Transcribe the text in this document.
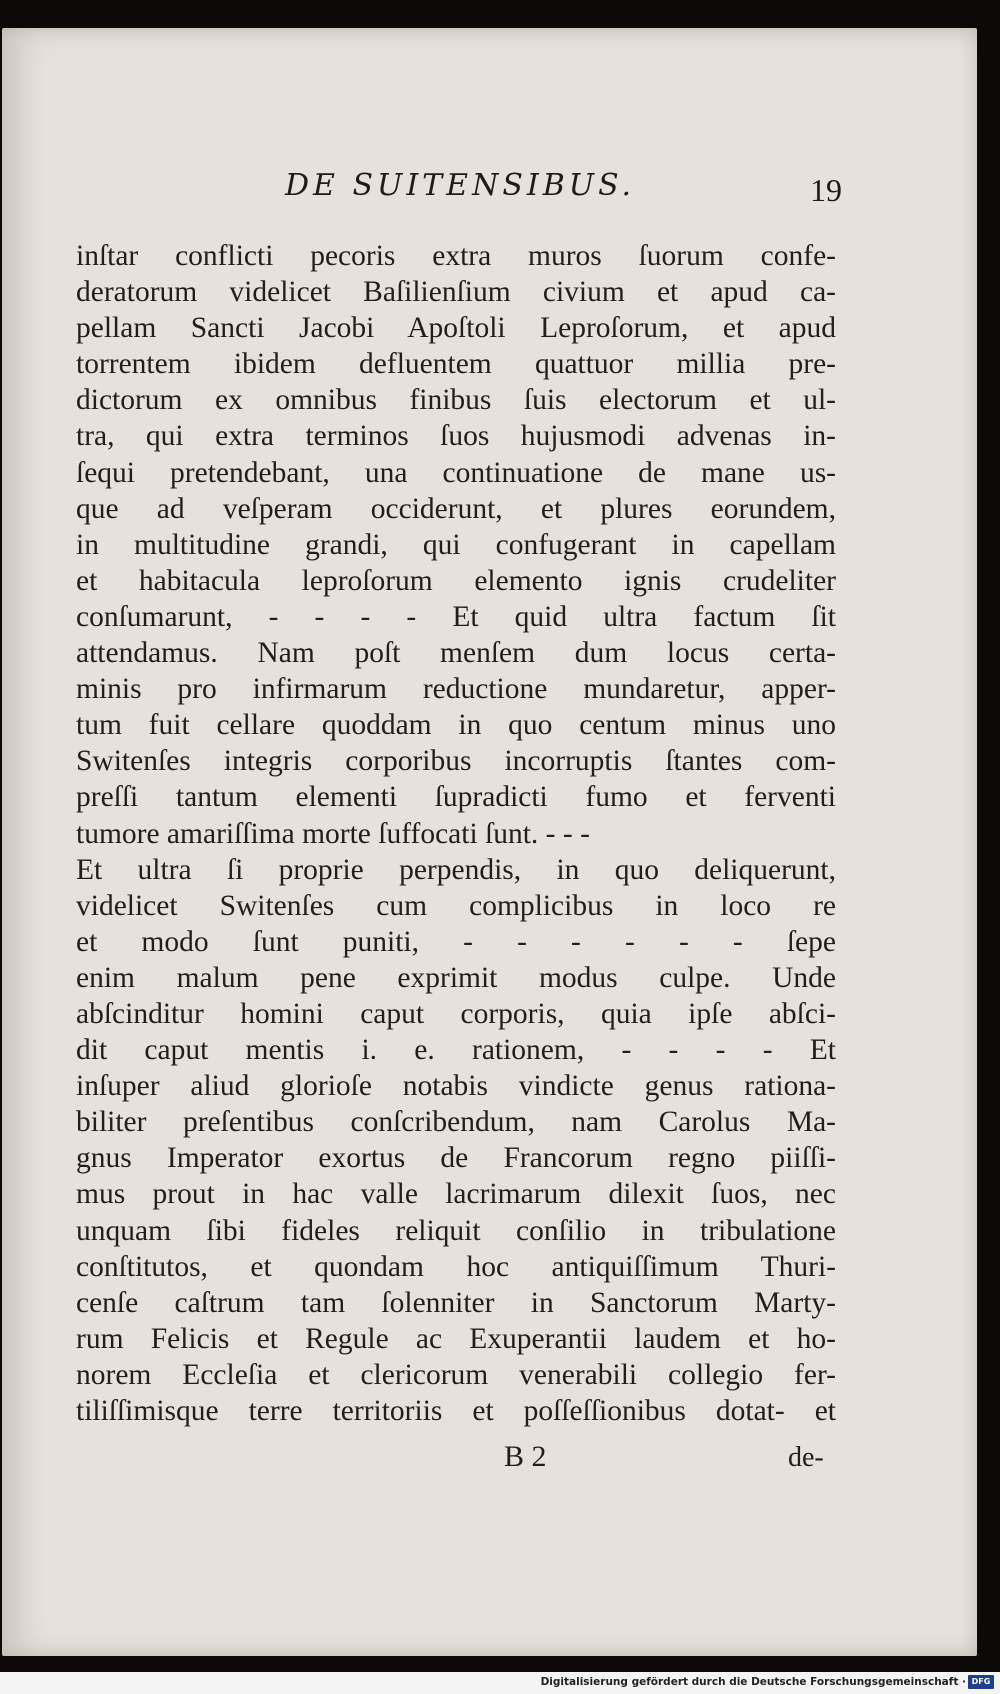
DE SUITENSIBUS.	19
inſtar conflicti pecoris extra muros ſuorum confe-
deratorum videlicet Baſilienſium civium et apud ca-
pellam Sancti Jacobi Apoſtoli Leproſorum, et apud
torrentem ibidem defluentem quattuor millia pre-
dictorum ex omnibus finibus ſuis electorum et ul-
tra, qui extra terminos ſuos hujusmodi advenas in-
ſequi pretendebant, una continuatione de mane us-
que ad veſperam occiderunt, et plures eorundem,
in multitudine grandi, qui confugerant in capellam
et habitacula leproſorum elemento ignis crudeliter
conſumarunt, - - - - Et quid ultra factum ſit
attendamus. Nam poſt menſem dum locus certa-
minis pro infirmarum reductione mundaretur, apper-
tum fuit cellare quoddam in quo centum minus uno
Switenſes integris corporibus incorruptis ſtantes com-
preſſi tantum elementi ſupradicti fumo et ferventi
tumore amariſſima morte ſuffocati ſunt. - - -
Et ultra ſi proprie perpendis, in quo deliquerunt,
videlicet Switenſes cum complicibus in loco re
et modo ſunt puniti, - - - - - - ſepe
enim malum pene exprimit modus culpe. Unde
abſcinditur homini caput corporis, quia ipſe abſci-
dit caput mentis i. e. rationem, - - - - Et
inſuper aliud glorioſe notabis vindicte genus rationa-
biliter preſentibus conſcribendum, nam Carolus Ma-
gnus Imperator exortus de Francorum regno piiſſi-
mus prout in hac valle lacrimarum dilexit ſuos, nec
unquam ſibi fideles reliquit conſilio in tribulatione
conſtitutos, et quondam hoc antiquiſſimum Thuri-
cenſe caſtrum tam ſolenniter in Sanctorum Marty-
rum Felicis et Regule ac Exuperantii laudem et ho-
norem Eccleſia et clericorum venerabili collegio fer-
tiliſſimisque terre territoriis et poſſeſſionibus dotat- et
B 2	de-
Digitalisierung gefördert durch die Deutsche Forschungsgemeinschaft · DFG
